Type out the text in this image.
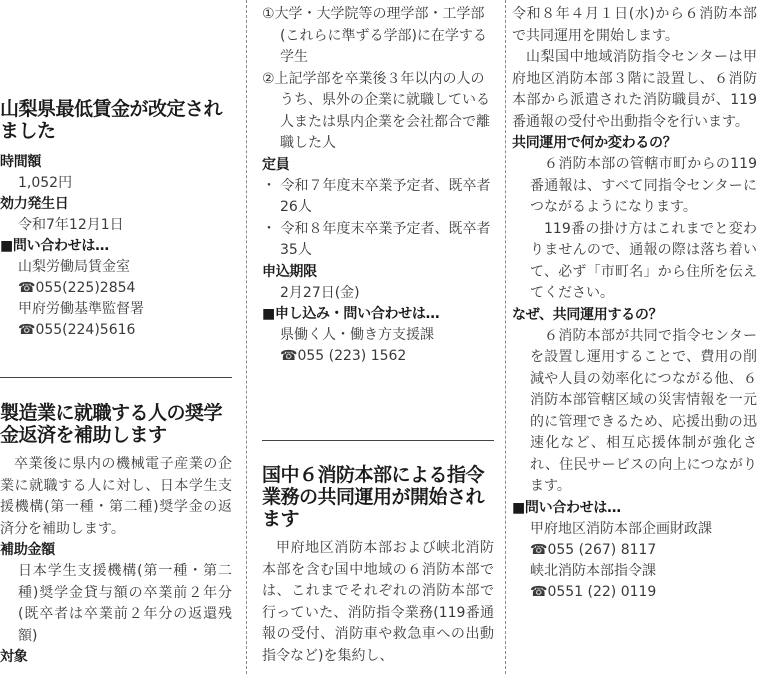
山梨県最低賃金が改定されました
時間額
1,052円
効力発生日
令和7年12月1日
■問い合わせは…
山梨労働局賃金室
☎055(225)2854
甲府労働基準監督署
☎055(224)5616
製造業に就職する人の奨学金返済を補助します
卒業後に県内の機械電子産業の企業に就職する人に対し、日本学生支援機構(第一種・第二種)奨学金の返済分を補助します。
補助金額
日本学生支援機構(第一種・第二種)奨学金貸与額の卒業前２年分(既卒者は卒業前２年分の返還残額)
対象
①大学・大学院等の理学部・工学部(これらに準ずる学部)に在学する学生
②上記学部を卒業後３年以内の人のうち、県外の企業に就職している人または県内企業を会社都合で離職した人
定員
・ 令和７年度末卒業予定者、既卒者
26人
・ 令和８年度末卒業予定者、既卒者
35人
申込期限
2月27日(金)
■申し込み・問い合わせは…
県働く人・働き方支援課
☎055 (223) 1562
国中６消防本部による指令業務の共同運用が開始されます
甲府地区消防本部および峡北消防本部を含む国中地域の６消防本部では、これまでそれぞれの消防本部で行っていた、消防指令業務(119番通報の受付、消防車や救急車への出動指令など)を集約し、
令和８年４月１日(水)から６消防本部で共同運用を開始します。
山梨国中地域消防指令センターは甲府地区消防本部３階に設置し、６消防本部から派遣された消防職員が、119番通報の受付や出動指令を行います。
共同運用で何か変わるの？
６消防本部の管轄市町からの119番通報は、すべて同指令センターにつながるようになります。
119番の掛け方はこれまでと変わりませんので、通報の際は落ち着いて、必ず「市町名」から住所を伝えてください。
なぜ、共同運用するの？
６消防本部が共同で指令センターを設置し運用することで、費用の削減や人員の効率化につながる他、６消防本部管轄区域の災害情報を一元的に管理できるため、応援出動の迅速化など、相互応援体制が強化され、住民サービスの向上につながります。
■問い合わせは…
甲府地区消防本部企画財政課
☎055 (267) 8117
峡北消防本部指令課
☎0551 (22) 0119
